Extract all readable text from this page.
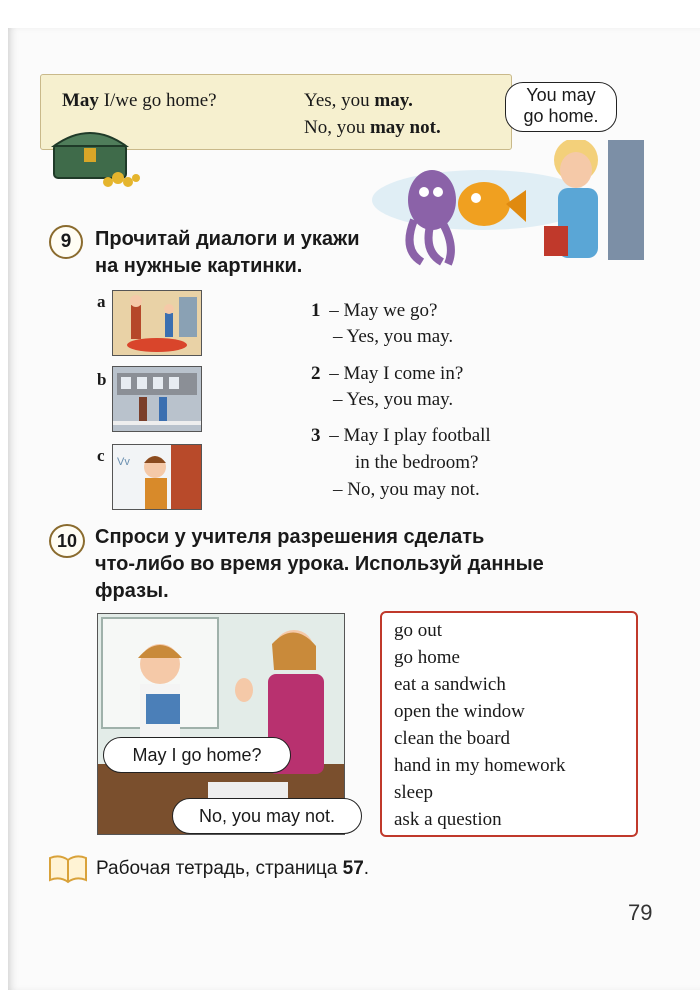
May I/we go home?	Yes, you may.
No, you may not.
You may
go home.
9	Прочитай диалоги и укажи
на нужные картинки.
a
b
c Vv
1 – May we go?
– Yes, you may.
2 – May I come in?
– Yes, you may.
3 – May I play football
in the bedroom?
– No, you may not.
10 Спроси у учителя разрешения сделать
что-либо во время урока. Используй данные
фразы.
May I go home?
No, you may not.
go out
go home
eat a sandwich
open the window
clean the board
hand in my homework
sleep
ask a question
Рабочая тетрадь, страница 57.
79
